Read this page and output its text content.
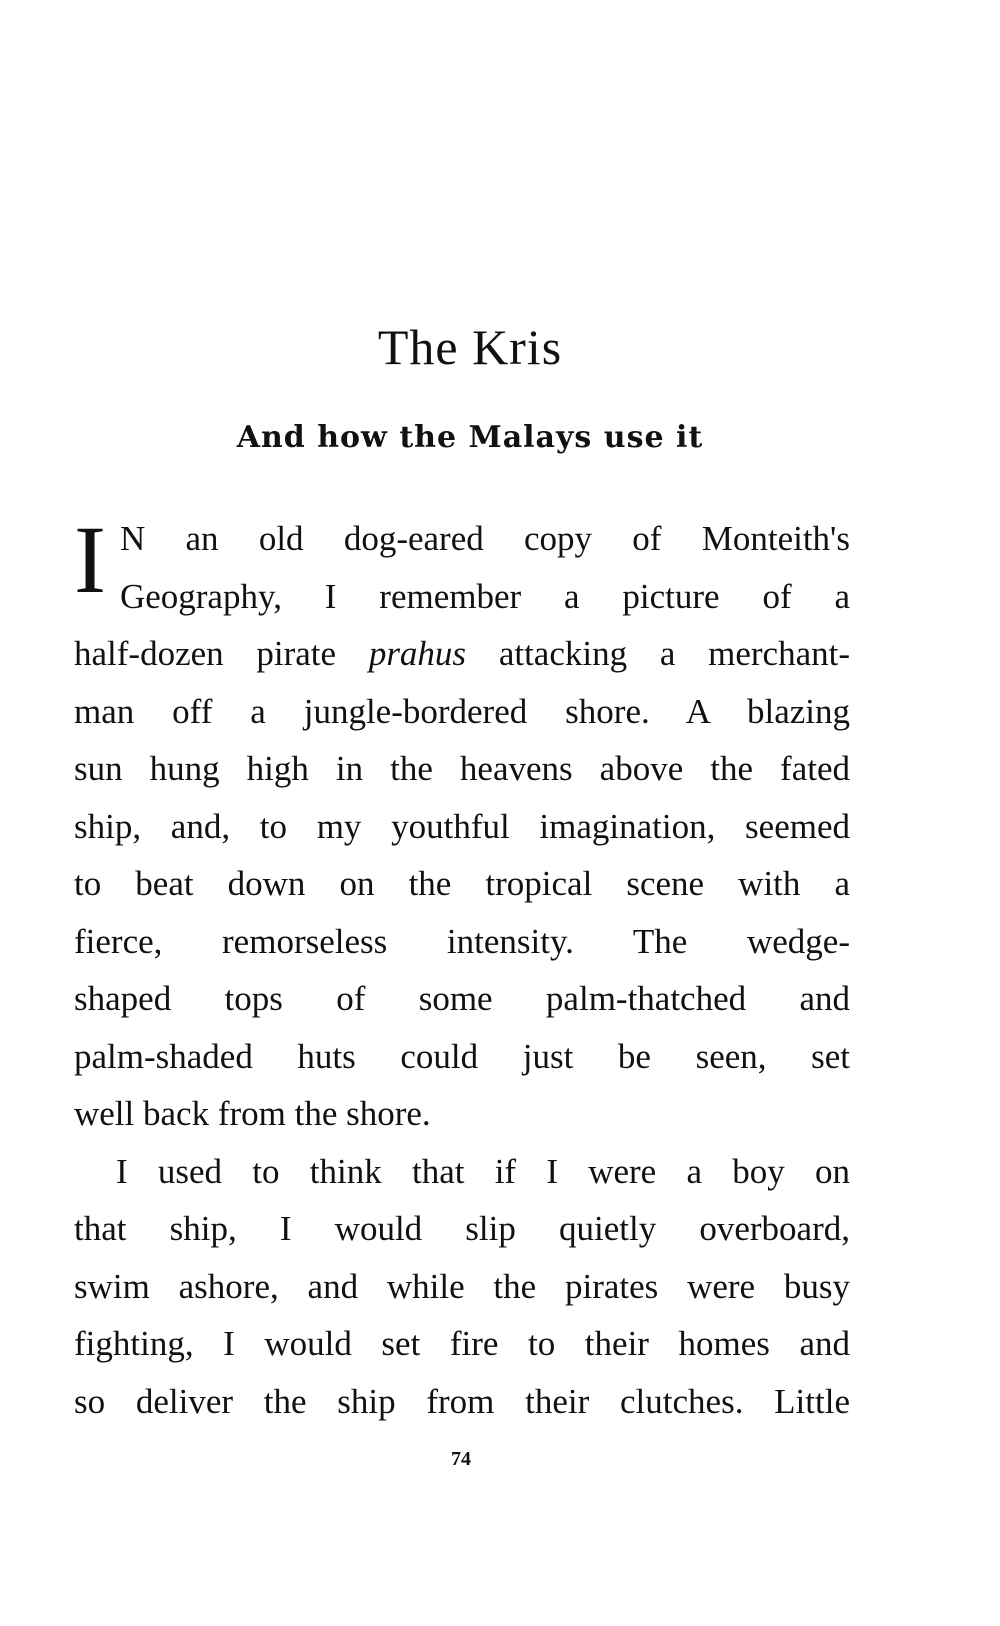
The Kris
And how the Malays use it
I N an old dog-eared copy of Monteith's
Geography, I remember a picture of a
half-dozen pirate prahus attacking a merchant-
man off a jungle-bordered shore. A blazing
sun hung high in the heavens above the fated
ship, and, to my youthful imagination, seemed
to beat down on the tropical scene with a
fierce, remorseless intensity. The wedge-
shaped tops of some palm-thatched and
palm-shaded huts could just be seen, set
well back from the shore.
I used to think that if I were a boy on
that ship, I would slip quietly overboard,
swim ashore, and while the pirates were busy
fighting, I would set fire to their homes and
so deliver the ship from their clutches. Little
74
